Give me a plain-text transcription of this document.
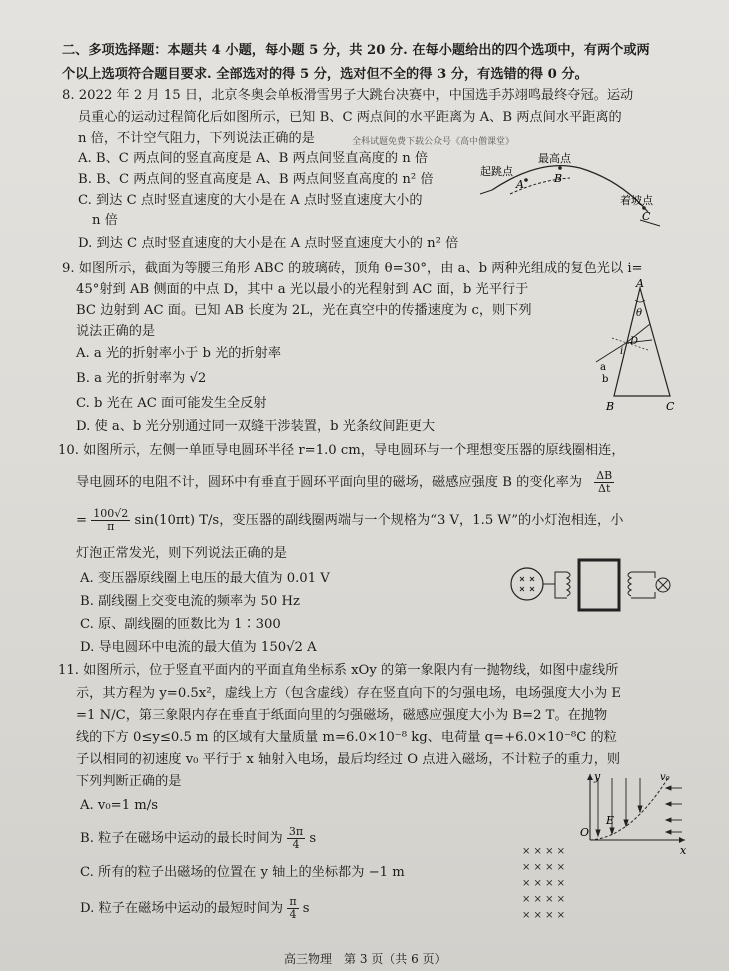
二、多项选择题：本题共 4 小题，每小题 5 分，共 20 分. 在每小题给出的四个选项中，有两个或两
个以上选项符合题目要求. 全部选对的得 5 分，选对但不全的得 3 分，有选错的得 0 分。
8. 2022 年 2 月 15 日，北京冬奥会单板滑雪男子大跳台决赛中，中国选手苏翊鸣最终夺冠。运动
员重心的运动过程简化后如图所示，已知 B、C 两点间的水平距离为 A、B 两点间水平距离的
n 倍，不计空气阻力，下列说法正确的是	全科试题免费下载公众号《高中僧课堂》
A. B、C 两点间的竖直高度是 A、B 两点间竖直高度的 n 倍
B. B、C 两点间的竖直高度是 A、B 两点间竖直高度的 n² 倍
C. 到达 C 点时竖直速度的大小是在 A 点时竖直速度大小的
n 倍
D. 到达 C 点时竖直速度的大小是在 A 点时竖直速度大小的 n² 倍
起跳点
最高点
着坡点
A	B
C
9. 如图所示，截面为等腰三角形 ABC 的玻璃砖，顶角 θ=30°，由 a、b 两种光组成的复色光以 i=
45°射到 AB 侧面的中点 D，其中 a 光以最小的光程射到 AC 面，b 光平行于
BC 边射到 AC 面。已知 AB 长度为 2L，光在真空中的传播速度为 c，则下列
说法正确的是
A. a 光的折射率小于 b 光的折射率
B. a 光的折射率为 √2
C. b 光在 AC 面可能发生全反射
D. 使 a、b 光分别通过同一双缝干涉装置，b 光条纹间距更大
A
θ
D
i
a
b
B	C
10. 如图所示，左侧一单匝导电圆环半径 r=1.0 cm，导电圆环与一个理想变压器的原线圈相连，
导电圆环的电阻不计，圆环中有垂直于圆环平面向里的磁场，磁感应强度 B 的变化率为 $\frac{\Delta B}{\Delta t}$
= $\frac{100√2}{\pi} \sin(10\pi t)$ T/s，变压器的副线圈两端与一个规格为“3 V，1.5 W”的小灯泡相连，小
灯泡正常发光，则下列说法正确的是
A. 变压器原线圈上电压的最大值为 0.01 V
B. 副线圈上交变电流的频率为 50 Hz
C. 原、副线圈的匝数比为 1∶300
D. 导电圆环中电流的最大值为 150√2 A
11. 如图所示，位于竖直平面内的平面直角坐标系 xOy 的第一象限内有一抛物线，如图中虚线所
示，其方程为 y=0.5x²，虚线上方（包含虚线）存在竖直向下的匀强电场，电场强度大小为 E
=1 N/C，第三象限内存在垂直于纸面向里的匀强磁场，磁感应强度大小为 B=2 T。在抛物
线的下方 0≤y≤0.5 m 的区域有大量质量 m=6.0×10⁻⁸ kg、电荷量 q=+6.0×10⁻⁸C 的粒
子以相同的初速度 v₀ 平行于 x 轴射入电场，最后均经过 O 点进入磁场，不计粒子的重力，则
下列判断正确的是
A. v₀=1 m/s
B. 粒子在磁场中运动的最长时间为 $\frac{3\pi}{4}$ s
C. 所有的粒子出磁场的位置在 y 轴上的坐标都为 −1 m
D. 粒子在磁场中运动的最短时间为 $\frac{\pi}{4}$ s
× × × ×
× × × ×
× × × ×
× × × ×
× × × ×
O
y
x
E
v₀
高三物理　第 3 页（共 6 页）
